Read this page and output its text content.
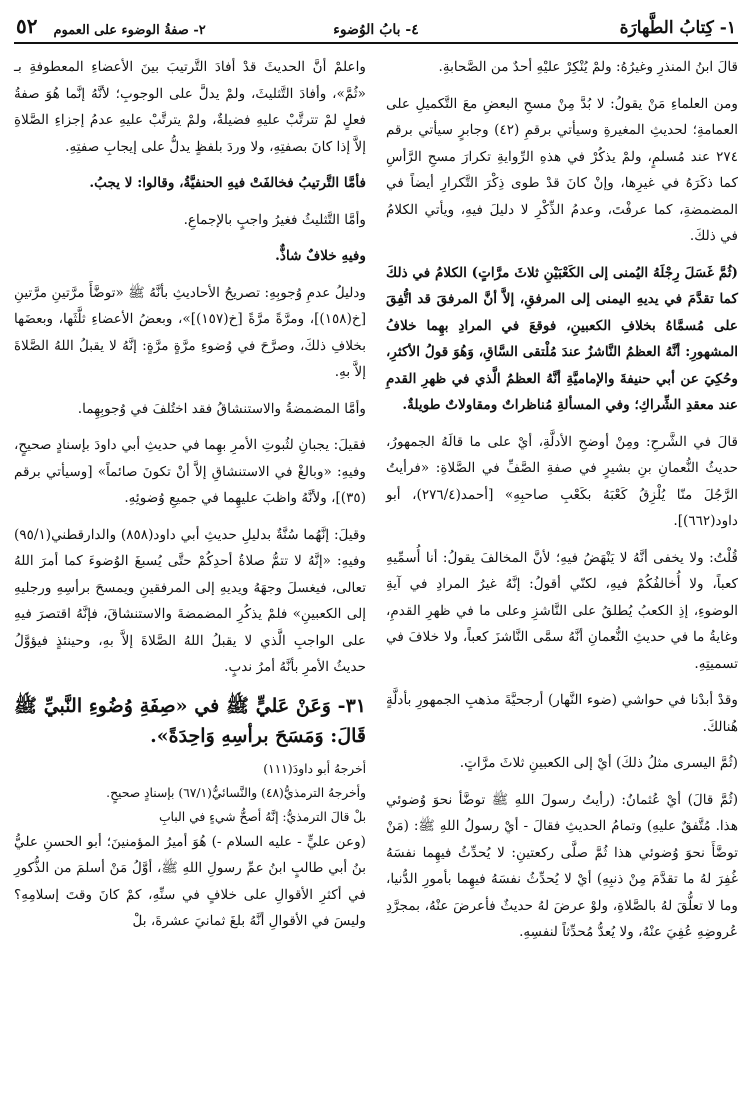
١- كِتابُ الطَّهارَة
٤- بابُ الوُضوء
٢- صفةُ الوضوء على العموم
٥٢

قالَ ابنُ المنذرِ وغيرُهُ: ولمْ يُنْكِرْ عليْهِ أحدٌ من الصَّحابةِ.

ومن العلماءِ مَنْ يقولُ: لا بُدَّ مِنْ مسحِ البعضِ معَ التَّكميلِ على العمامةِ؛ لحديثِ المغيرةِ وسيأتي برقمِ (٤٢) وجابرٍ سيأتي برقم ٢٧٤ عند مُسلمٍ، ولمْ يذكُرْ في هذهِ الرِّوايةِ تكرارَ مسحِ الرَّأسِ كما ذكَرَهُ في غيرِها، وإنْ كانَ قدْ طوى ذِكْرَ التَّكرارِ أيضاً في المضمضةِ، كما عرفْتَ، وعدمُ الذِّكْرِ لا دليلَ فيهِ، ويأتي الكلامُ في ذلكَ.

(ثُمَّ غَسَلَ رِجْلَهُ اليُمنى إلى الكَعْبَيْنِ ثلاثَ مرَّاتٍ) الكلامُ في ذلكَ كما تقدَّمَ في يديهِ اليمنى إلى المرفقِ، إلاَّ أنَّ المرفقَ قد اتُّفِقَ على مُسمَّاهُ بخلافِ الكعبينِ، فوقعَ في المرادِ بهِما خلافُ المشهورِ: أنَّهُ العظمُ النَّاشزُ عندَ مُلْتقى السَّاقِ، وَهُوَ قولُ الأكثرِ، وحُكِيَ عن أبي حنيفةَ والإماميَّةِ أنَّهُ العظمُ الَّذي في ظهرِ القدمِ عند معقدِ الشِّراكِ؛ وفي المسألةِ مُناظراتٌ ومقاولاتٌ طويلةٌ.

قالَ في الشَّرحِ: ومِنْ أوضحِ الأدلَّةِ، أيْ على ما قالَهُ الجمهورُ، حديثُ النُّعمانِ بنِ بشيرٍ في صفةِ الصَّفِّ في الصَّلاةِ: «فرأيتُ الرَّجُلَ منّا يُلْزِقُ كَعْبَهُ بكَعْبِ صاحبِهِ» [أحمد(٢٧٦/٤)، أبو داود(٦٦٢)].

قُلْتُ: ولا يخفى أنَّهُ لا يَنْهَضُ فيهِ؛ لأنَّ المخالفَ يقولُ: أنا أُسمِّيهِ كعباً، ولا أُخالفُكُمْ فيهِ، لكنّي أقولُ: إنَّهُ غيرُ المرادِ في آيةِ الوضوءِ، إذِ الكعبُ يُطلقُ على النَّاشزِ وعلى ما في ظهرِ القدمِ، وغايةُ ما في حديثِ النُّعمانِ أنَّهُ سمَّى النَّاشزَ كعباً، ولا خلافَ في تسميتِهِ.

وقدْ أبدْنا في حواشي (ضوء النَّهار) أرجحيَّةَ مذهبِ الجمهورِ بأدلَّةٍ هُنالكَ.

(ثُمَّ اليسرى مثلُ ذلكَ) أيْ إلى الكعبينِ ثلاثَ مرَّاتٍ.

(ثُمَّ قالَ) أيْ عُثمانُ: (رأيتُ رسولَ اللهِ ﷺ توضَّأ نحوَ وُضوئي هذا. مُتَّفقٌ عليهِ) وتمامُ الحديثِ فقالَ - أيْ رسولُ اللهِ ﷺ: (مَنْ توضَّأَ نحوَ وُضوئي هذا ثُمَّ صلَّى ركعتينِ: لا يُحدِّثُ فيهِما نفسَهُ غُفِرَ لهُ ما تقدَّمَ مِنْ ذنبِهِ) أيْ لا يُحدِّثُ نفسَهُ فيهِما بأمورِ الدُّنيا، وما لا تعلُّقَ لهُ بالصَّلاةِ، ولوْ عرضَ لهُ حديثٌ فأعرضَ عنْهُ، بمجرَّدِ عُروضِهِ عُفِيَ عنْهُ، ولا يُعدُّ مُحدِّثاً لنفسِهِ.

واعلمْ أنَّ الحديثَ قدْ أفادَ التَّرتيبَ بينَ الأعضاءِ المعطوفةِ بـ «ثُمَّ»، وأفادَ التَّثليثَ، ولمْ يدلَّ على الوجوبِ؛ لأنَّهُ إنَّما هُوَ صفةُ فعلٍ لمْ تترتَّبْ عليهِ فضيلةٌ، ولمْ يترتَّبْ عليهِ عدمُ إجزاءِ الصَّلاةِ إلاَّ إذا كانَ بصفتِهِ، ولا وردَ بلفظٍ يدلُّ على إيجابِ صفتِهِ.

فأمَّا التَّرتيبُ فخالفَتْ فيهِ الحنفيَّةُ، وقالوا: لا يجبُ.

وأمَّا التَّثليثُ فغيرُ واجبٍ بالإجماعِ.

وفيهِ خلافٌ شاذٌّ.

ودليلُ عدمِ وُجوبِهِ: تصريحُ الأحاديثِ بأنَّهُ ﷺ «توضَّأَ مرَّتينِ مرَّتينِ [خ(١٥٨)]، ومرَّةً مرَّةً [خ(١٥٧)]»، وبعضُ الأعضاءِ ثلَّثَها، وبعضَها بخلافِ ذلكَ، وصرَّحَ في وُضوءِ مرَّةٍ مرَّةٍ: إنَّهُ لا يقبلُ اللهُ الصَّلاةَ إلاَّ بهِ.

وأمَّا المضمضةُ والاستنشاقُ فقد اختُلفَ في وُجوبِهِما.

فقيلَ: يجبانِ لثُبوتِ الأمرِ بهِما في حديثِ أبي داودَ بإسنادٍ صحيحٍ، وفيهِ: «وبالغْ في الاستنشاقِ إلاَّ أنْ تكونَ صائماً» [وسيأتي برقم (٣٥)]، ولأنَّهُ واظبَ عليهِما في جميعِ وُضوئِهِ.

وقيلَ: إنَّهُما سُنَّةٌ بدليلِ حديثِ أبي داود(٨٥٨) والدارقطني(٩٥/١) وفيهِ: «إنَّهُ لا تتمُّ صلاةُ أحدِكُمْ حتَّى يُسبغَ الوُضوءَ كما أمرَ اللهُ تعالى، فيغسلَ وجهَهُ ويديهِ إلى المرفقينِ ويمسحَ برأسِهِ ورجليهِ إلى الكعبينِ» فلمْ يذكُرِ المضمضةَ والاستنشاقَ، فإنَّهُ اقتصرَ فيهِ على الواجبِ الَّذي لا يقبلُ اللهُ الصَّلاةَ إلاَّ بهِ، وحينئذٍ فيؤوَّلُ حديثُ الأمرِ بأنَّهُ أمرُ ندبٍ.

٣١- وَعَنْ عَليٍّ ﷺ في «صِفَةِ وُضُوءِ النَّبيِّ ﷺ قَالَ: وَمَسَحَ برأسِهِ وَاحِدَةً».

أخرجهُ أبو داودَ(١١١)

وأخرجهُ الترمذيُّ(٤٨) والنَّسائيُّ(٦٧/١) بإسنادٍ صحيحٍ.

بلْ قالَ الترمذيُّ: إنَّهُ أصحُّ شيءٍ في البابِ

(وعن عليٍّ - عليه السلام -) هُوَ أميرُ المؤمنينَ؛ أبو الحسنِ عليُّ بنُ أبي طالبٍ ابنُ عمِّ رسولِ اللهِ ﷺ، أوَّلُ مَنْ أسلمَ من الذُّكورِ في أكثرِ الأقوالِ على خلافٍ في سنِّهِ، كمْ كانَ وقتَ إسلامِهِ؟ وليسَ في الأقوالِ أنَّهُ بلغَ ثمانيَ عشرةَ، بلْ
